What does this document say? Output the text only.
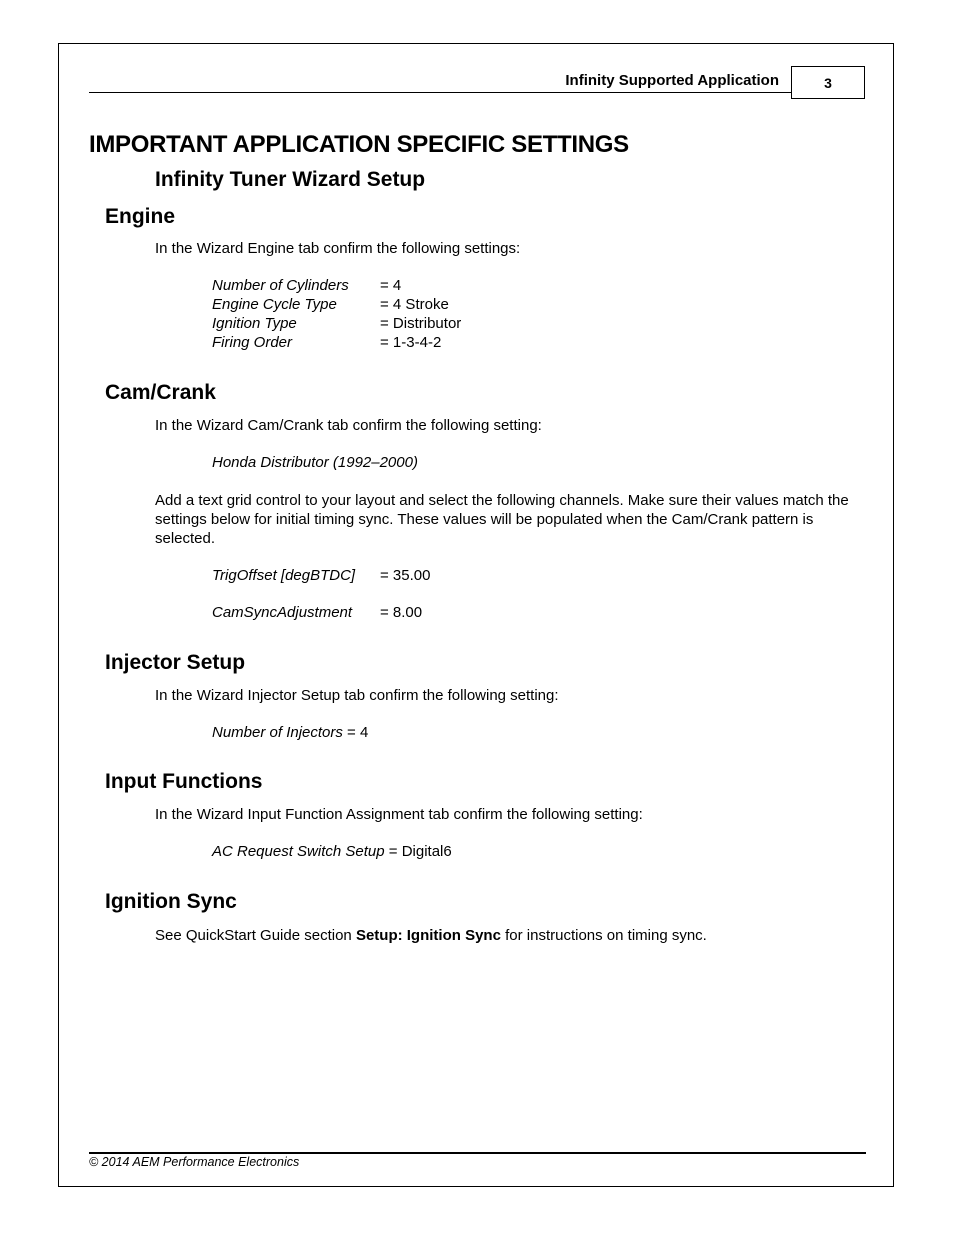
Infinity Supported Application	3
IMPORTANT APPLICATION SPECIFIC SETTINGS
Infinity Tuner Wizard Setup
Engine
In the Wizard Engine tab confirm the following settings:
Number of Cylinders = 4
Engine Cycle Type	= 4 Stroke
Ignition Type	= Distributor
Firing Order	= 1-3-4-2
Cam/Crank
In the Wizard Cam/Crank tab confirm the following setting:
Honda Distributor (1992–2000)
Add a text grid control to your layout and select the following channels. Make sure their values match the settings below for initial timing sync. These values will be populated when the Cam/Crank pattern is selected.
TrigOffset [degBTDC] = 35.00
CamSyncAdjustment = 8.00
Injector Setup
In the Wizard Injector Setup tab confirm the following setting:
Number of Injectors = 4
Input Functions
In the Wizard Input Function Assignment tab confirm the following setting:
AC Request Switch Setup = Digital6
Ignition Sync
See QuickStart Guide section Setup: Ignition Sync for instructions on timing sync.
© 2014 AEM Performance Electronics
